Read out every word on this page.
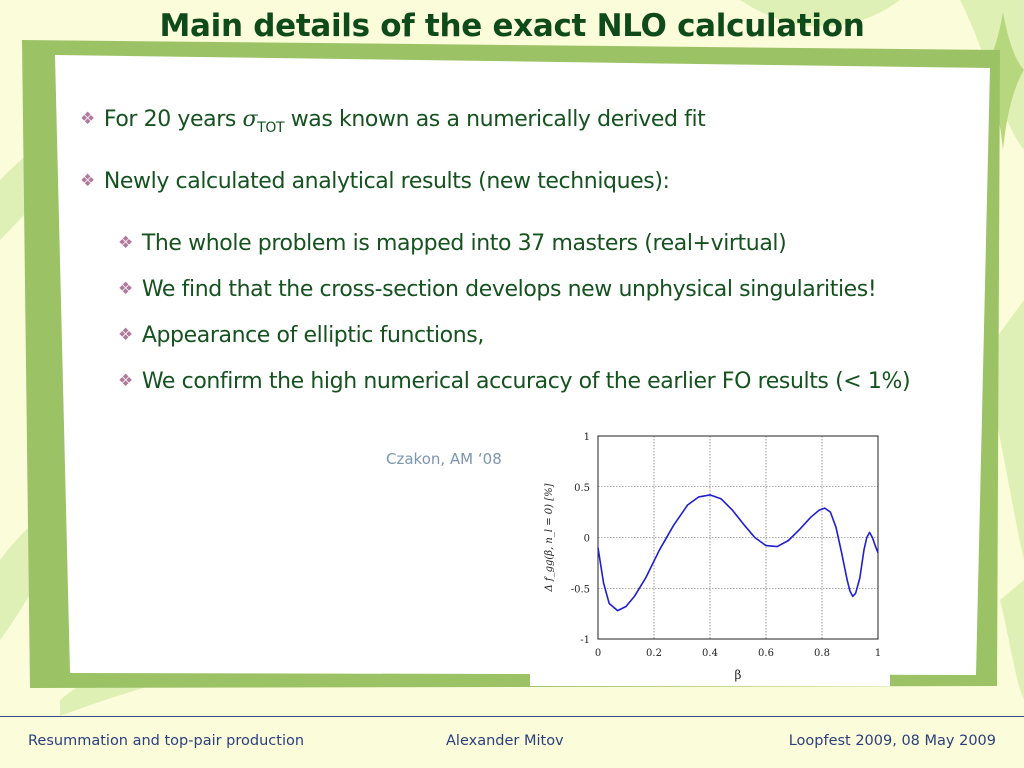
Main details of the exact NLO calculation
❖ For 20 years $\sigma_{TOT}$ was known as a numerically derived fit
❖ Newly calculated analytical results (new techniques):
❖ The whole problem is mapped into 37 masters (real+virtual)
❖ We find that the cross-section develops new unphysical singularities!
❖ Appearance of elliptic functions,
❖ We confirm the high numerical accuracy of the earlier FO results (< 1%)
Czakon, AM ‘08
0	0.2	0.4	0.6	0.8	1
1
0.5
0
-0.5
-1
β
Δ f_gg(β, n_l = 0) [%]
Resummation and top-pair production	Alexander Mitov	Loopfest 2009, 08 May 2009
